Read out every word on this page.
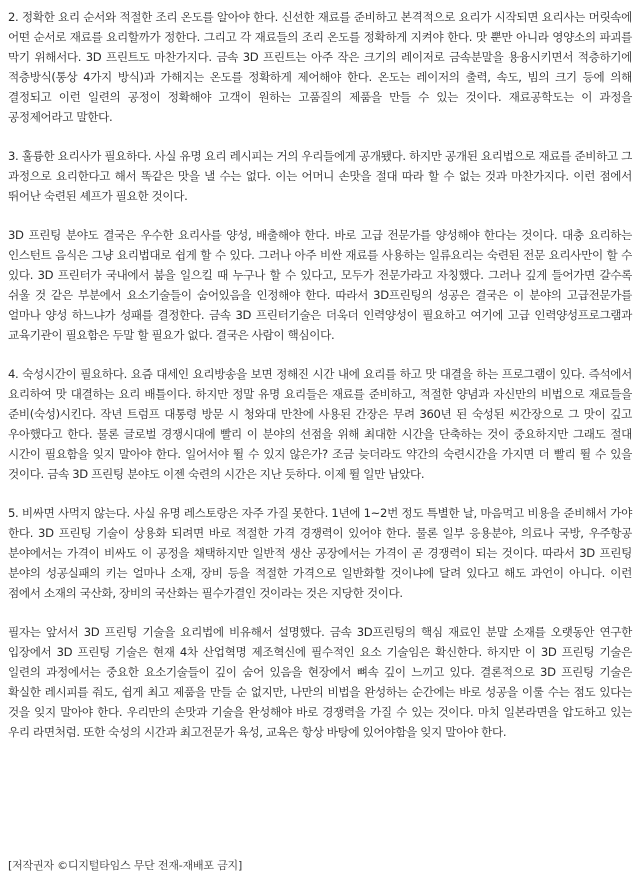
2. 정확한 요리 순서와 적절한 조리 온도를 알아야 한다. 신선한 재료를 준비하고 본격적으로 요리가 시작되면 요리사는 머릿속에 어떤 순서로 재료를 요리할까가 정한다. 그리고 각 재료들의 조리 온도를 정확하게 지켜야 한다. 맛 뿐만 아니라 영양소의 파괴를 막기 위해서다. 3D 프린트도 마찬가지다. 금속 3D 프린트는 아주 작은 크기의 레이저로 금속분말을 용융시키면서 적층하기에 적층방식(통상 4가지 방식)과 가해지는 온도를 정확하게 제어해야 한다. 온도는 레이저의 출력, 속도, 빔의 크기 등에 의해 결정되고 이런 일련의 공정이 정확해야 고객이 원하는 고품질의 제품을 만들 수 있는 것이다. 재료공학도는 이 과정을 공정제어라고 말한다.

3. 훌륭한 요리사가 필요하다. 사실 유명 요리 레시피는 거의 우리들에게 공개됐다. 하지만 공개된 요리법으로 재료를 준비하고 그 과정으로 요리한다고 해서 똑같은 맛을 낼 수는 없다. 이는 어머니 손맛을 절대 따라 할 수 없는 것과 마찬가지다. 이런 점에서 뛰어난 숙련된 셰프가 필요한 것이다.

3D 프린팅 분야도 결국은 우수한 요리사를 양성, 배출해야 한다. 바로 고급 전문가를 양성해야 한다는 것이다. 대충 요리하는 인스턴트 음식은 그냥 요리법대로 쉽게 할 수 있다. 그러나 아주 비싼 재료를 사용하는 일류요리는 숙련된 전문 요리사만이 할 수 있다. 3D 프린터가 국내에서 붐을 일으킬 때 누구나 할 수 있다고, 모두가 전문가라고 자칭했다. 그러나 깊게 들어가면 갈수록 쉬울 것 같은 부분에서 요소기술들이 숨어있음을 인정해야 한다. 따라서 3D프린팅의 성공은 결국은 이 분야의 고급전문가를 얼마나 양성 하느냐가 성패를 결정한다. 금속 3D 프린터기술은 더욱더 인력양성이 필요하고 여기에 고급 인력양성프로그램과 교육기관이 필요함은 두말 할 필요가 없다. 결국은 사람이 핵심이다.

4. 숙성시간이 필요하다. 요즘 대세인 요리방송을 보면 정해진 시간 내에 요리를 하고 맛 대결을 하는 프로그램이 있다. 즉석에서 요리하여 맛 대결하는 요리 배틀이다. 하지만 정말 유명 요리들은 재료를 준비하고, 적절한 양념과 자신만의 비법으로 재료들을 준비(숙성)시킨다. 작년 트럼프 대통령 방문 시 청와대 만찬에 사용된 간장은 무려 360년 된 숙성된 씨간장으로 그 맛이 깊고 우아했다고 한다. 물론 글로벌 경쟁시대에 빨리 이 분야의 선점을 위해 최대한 시간을 단축하는 것이 중요하지만 그래도 절대 시간이 필요함을 잊지 말아야 한다. 일어서야 뛸 수 있지 않은가? 조금 늦더라도 약간의 숙련시간을 가지면 더 빨리 뛸 수 있을 것이다. 금속 3D 프린팅 분야도 이젠 숙련의 시간은 지난 듯하다. 이제 뛸 일만 남았다.

5. 비싸면 사먹지 않는다. 사실 유명 레스토랑은 자주 가질 못한다. 1년에 1~2번 정도 특별한 날, 마음먹고 비용을 준비해서 가야 한다. 3D 프린팅 기술이 상용화 되려면 바로 적절한 가격 경쟁력이 있어야 한다. 물론 일부 응용분야, 의료나 국방, 우주항공 분야에서는 가격이 비싸도 이 공정을 채택하지만 일반적 생산 공장에서는 가격이 곧 경쟁력이 되는 것이다. 따라서 3D 프린팅 분야의 성공실패의 키는 얼마나 소재, 장비 등을 적절한 가격으로 일반화할 것이냐에 달려 있다고 해도 과언이 아니다. 이런 점에서 소재의 국산화, 장비의 국산화는 필수가결인 것이라는 것은 지당한 것이다.

필자는 앞서서 3D 프린팅 기술을 요리법에 비유해서 설명했다. 금속 3D프린팅의 핵심 재료인 분말 소재를 오랫동안 연구한 입장에서 3D 프린팅 기술은 현재 4차 산업혁명 제조혁신에 필수적인 요소 기술임은 확신한다. 하지만 이 3D 프린팅 기술은 일련의 과정에서는 중요한 요소기술들이 깊이 숨어 있음을 현장에서 뼈속 깊이 느끼고 있다. 결론적으로 3D 프린팅 기술은 확실한 레시피를 줘도, 쉽게 최고 제품을 만들 순 없지만, 나만의 비법을 완성하는 순간에는 바로 성공을 이룰 수는 점도 있다는 것을 잊지 말아야 한다. 우리만의 손맛과 기술을 완성해야 바로 경쟁력을 가질 수 있는 것이다. 마치 일본라면을 압도하고 있는 우리 라면처럼. 또한 숙성의 시간과 최고전문가 육성, 교육은 항상 바탕에 있어야함을 잊지 말아야 한다.

[저작권자 ©디지털타임스 무단 전재-재배포 금지]
